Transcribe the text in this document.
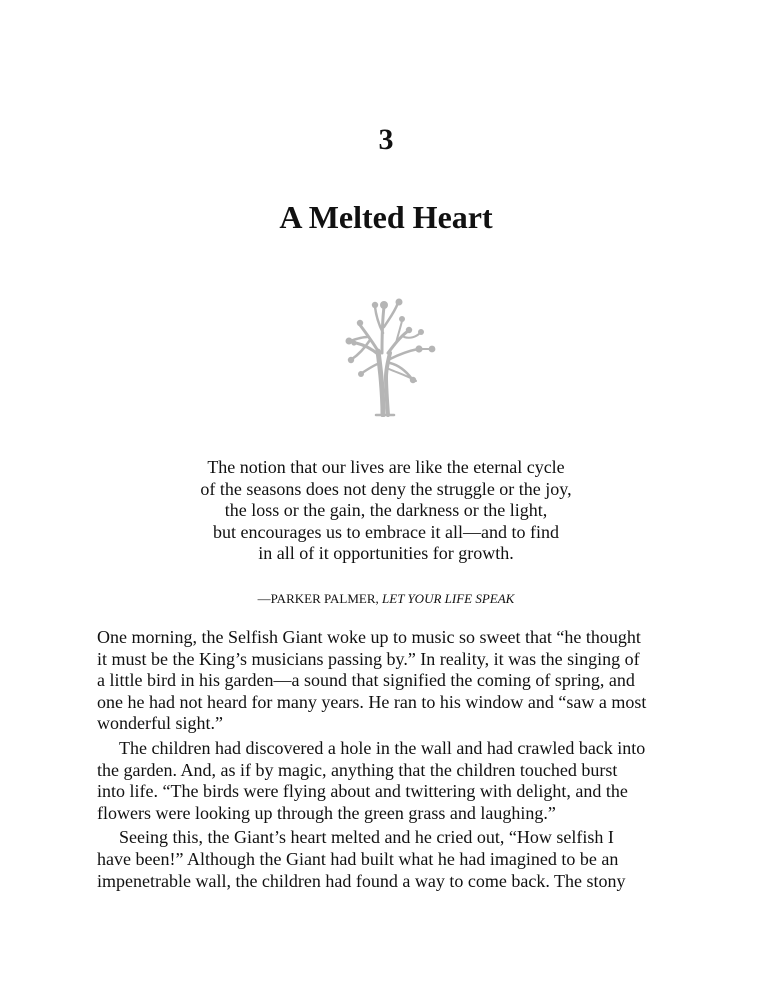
3
A Melted Heart
The notion that our lives are like the eternal cycle
of the seasons does not deny the struggle or the joy,
the loss or the gain, the darkness or the light,
but encourages us to embrace it all—and to find
in all of it opportunities for growth.
—PARKER PALMER, LET YOUR LIFE SPEAK

One morning, the Selfish Giant woke up to music so sweet that “he thought
it must be the King’s musicians passing by.” In reality, it was the singing of
a little bird in his garden—a sound that signified the coming of spring, and
one he had not heard for many years. He ran to his window and “saw a most
wonderful sight.”

The children had discovered a hole in the wall and had crawled back into
the garden. And, as if by magic, anything that the children touched burst
into life. “The birds were flying about and twittering with delight, and the
flowers were looking up through the green grass and laughing.”

Seeing this, the Giant’s heart melted and he cried out, “How selfish I
have been!” Although the Giant had built what he had imagined to be an
impenetrable wall, the children had found a way to come back. The stony
